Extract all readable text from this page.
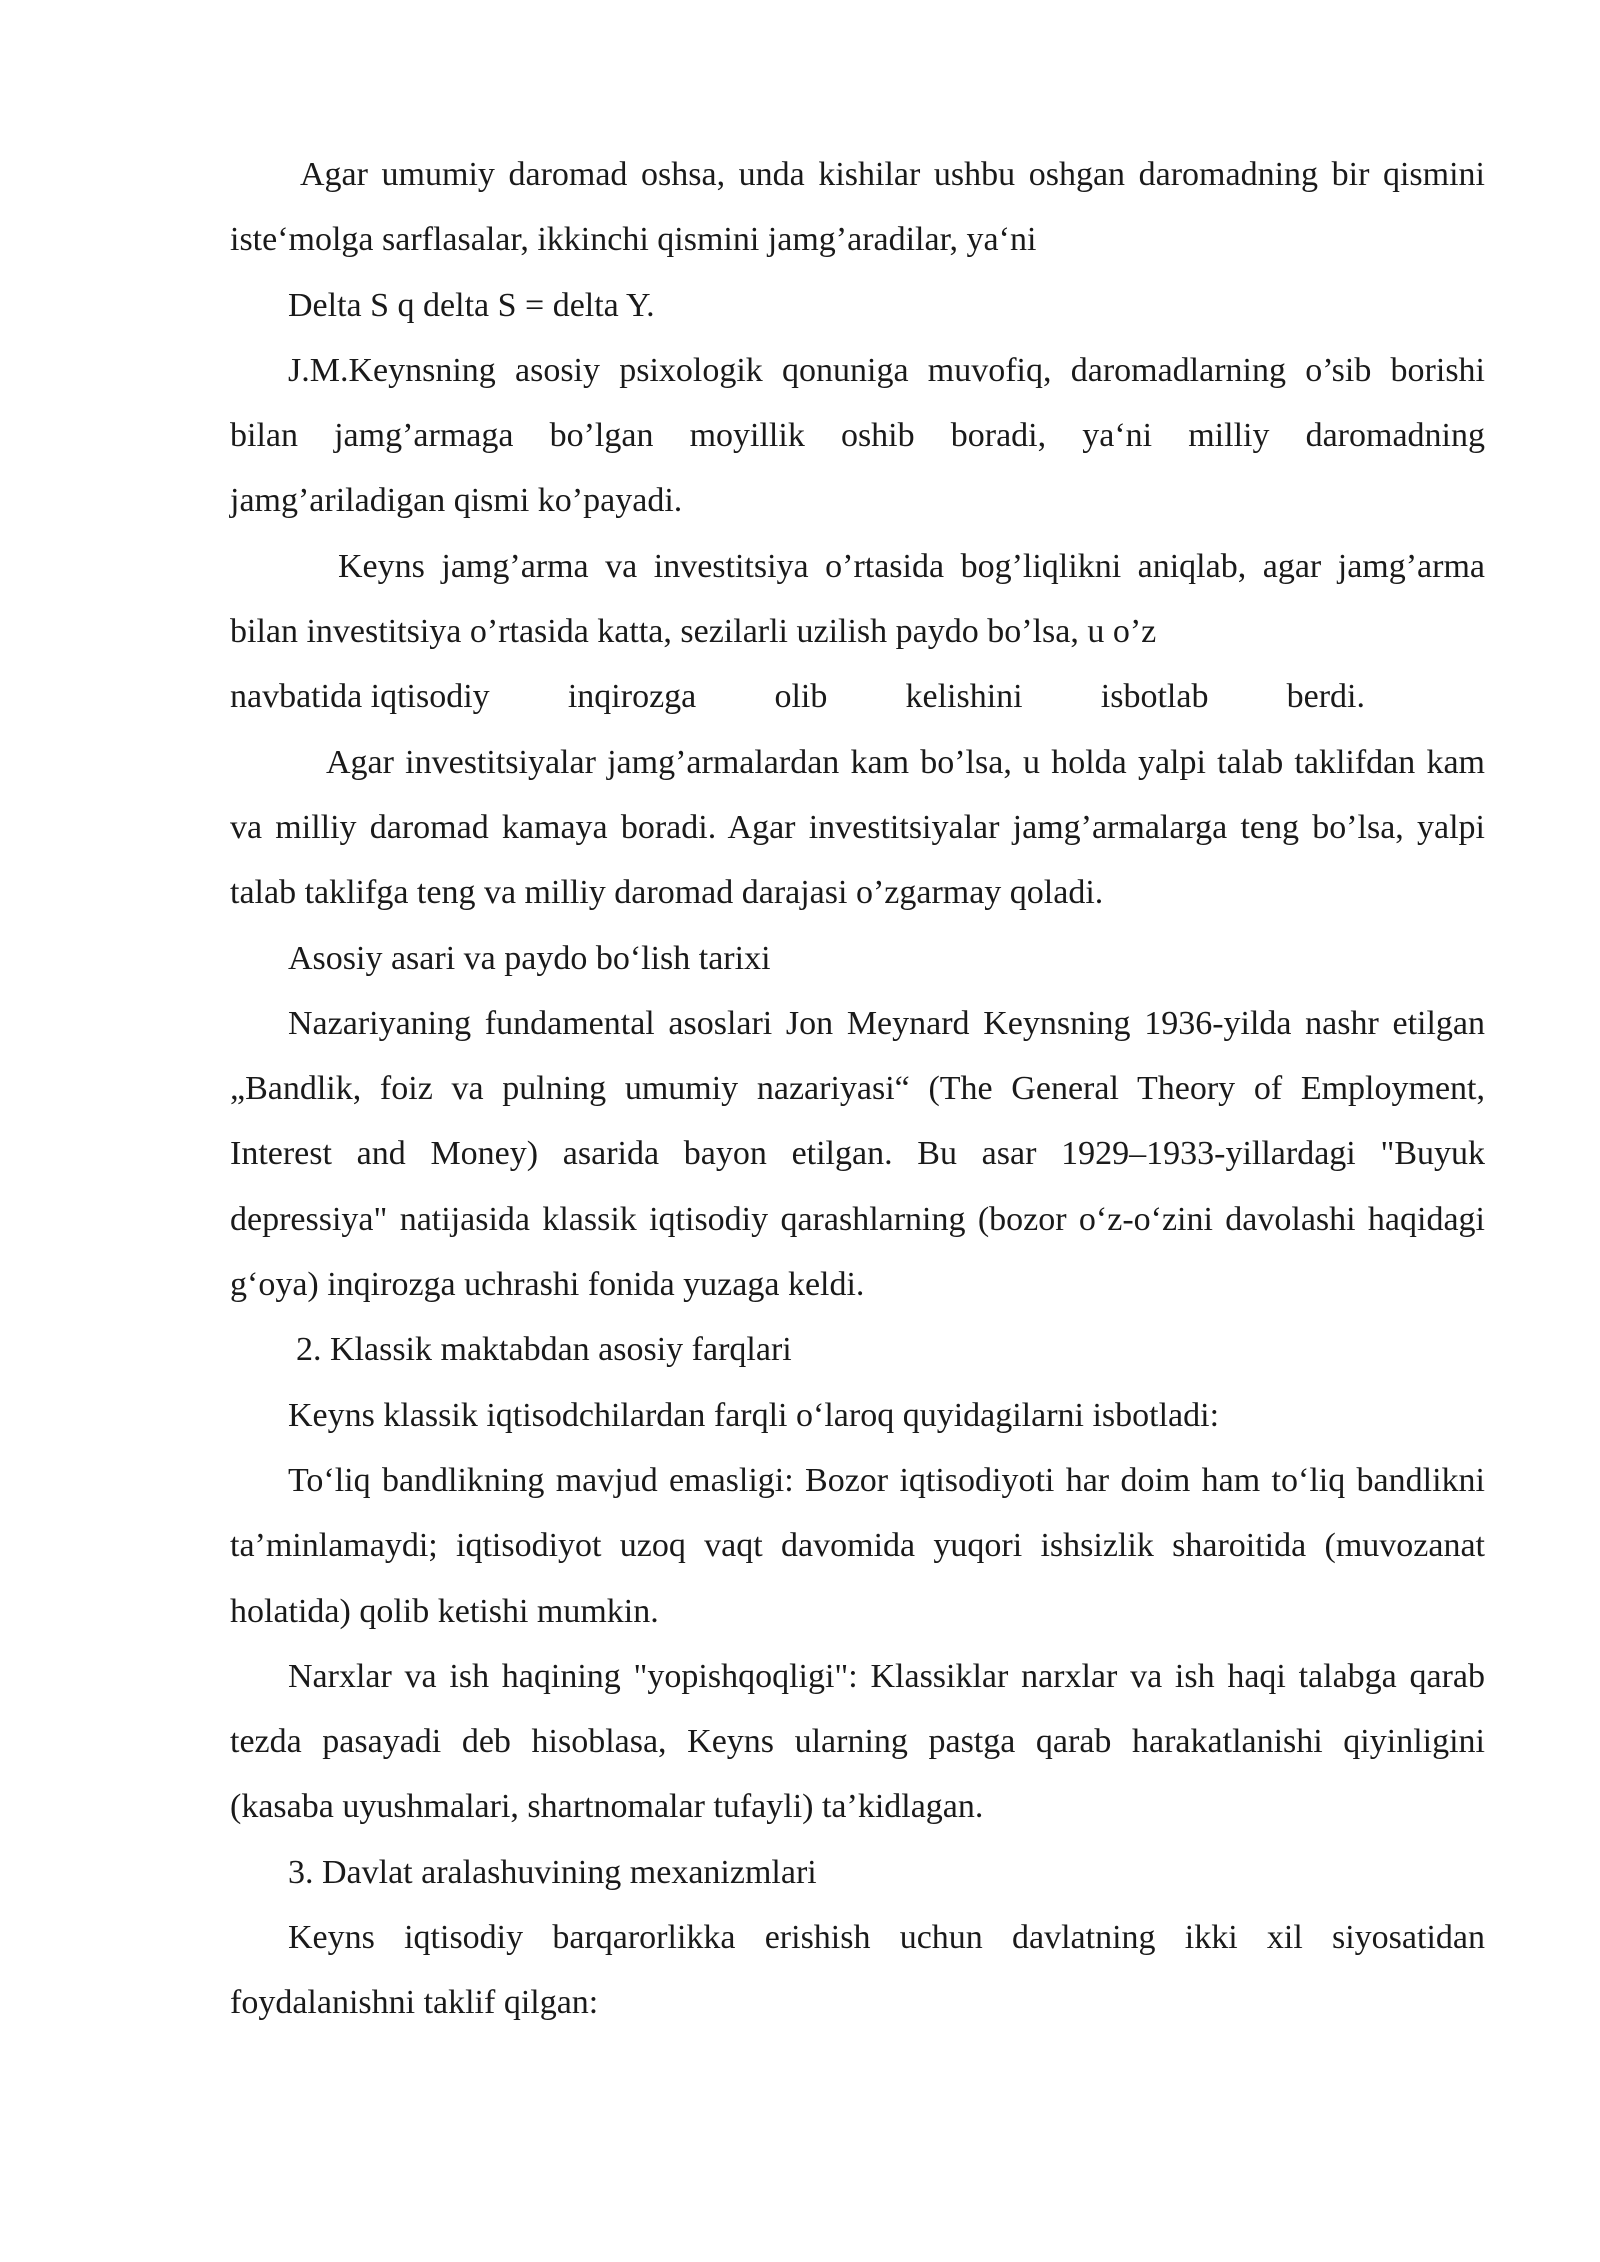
Agar umumiy daromad oshsa, unda kishilar ushbu oshgan daromadning bir qismini iste‘molga sarflasalar, ikkinchi qismini jamg’aradilar, ya‘ni

Delta S q delta S = delta Y.

J.M.Keynsning asosiy psixologik qonuniga muvofiq, daromadlarning o’sib borishi bilan jamg’armaga bo’lgan moyillik oshib boradi, ya‘ni milliy daromadning jamg’ariladigan qismi ko’payadi.

Keyns jamg’arma va investitsiya o’rtasida bog’liqlikni aniqlab, agar jamg’arma bilan investitsiya o’rtasida katta, sezilarli uzilish paydo bo’lsa, u o’z

navbatida iqtisodiy inqirozga olib kelishini isbotlab berdi.

Agar investitsiyalar jamg’armalardan kam bo’lsa, u holda yalpi talab taklifdan kam va milliy daromad kamaya boradi. Agar investitsiyalar jamg’armalarga teng bo’lsa, yalpi talab taklifga teng va milliy daromad darajasi o’zgarmay qoladi.

Asosiy asari va paydo bo‘lish tarixi

Nazariyaning fundamental asoslari Jon Meynard Keynsning 1936-yilda nashr etilgan „Bandlik, foiz va pulning umumiy nazariyasi“ (The General Theory of Employment, Interest and Money) asarida bayon etilgan. Bu asar 1929–1933-yillardagi "Buyuk depressiya" natijasida klassik iqtisodiy qarashlarning (bozor o‘z-o‘zini davolashi haqidagi g‘oya) inqirozga uchrashi fonida yuzaga keldi.

2. Klassik maktabdan asosiy farqlari

Keyns klassik iqtisodchilardan farqli o‘laroq quyidagilarni isbotladi:

To‘liq bandlikning mavjud emasligi: Bozor iqtisodiyoti har doim ham to‘liq bandlikni ta’minlamaydi; iqtisodiyot uzoq vaqt davomida yuqori ishsizlik sharoitida (muvozanat holatida) qolib ketishi mumkin.

Narxlar va ish haqining "yopishqoqligi": Klassiklar narxlar va ish haqi talabga qarab tezda pasayadi deb hisoblasa, Keyns ularning pastga qarab harakatlanishi qiyinligini (kasaba uyushmalari, shartnomalar tufayli) ta’kidlagan.

3. Davlat aralashuvining mexanizmlari

Keyns iqtisodiy barqarorlikka erishish uchun davlatning ikki xil siyosatidan foydalanishni taklif qilgan:
